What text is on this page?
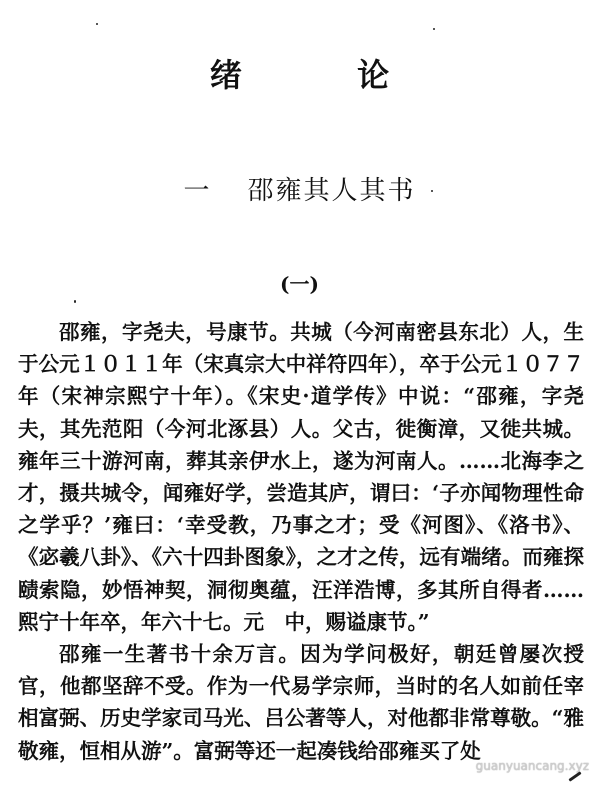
绪 论
一 邵雍其人其书
(一)

邵雍，字尧夫，号康节。共城（今河南密县东北）人，生于公元１０１１年（宋真宗大中祥符四年），卒于公元１０７７年（宋神宗熙宁十年）。《宋史·道学传》中说：“邵雍，字尧夫，其先范阳（今河北涿县）人。父古，徙衡漳，又徙共城。雍年三十游河南，葬其亲伊水上，遂为河南人。……北海李之才，摄共城令，闻雍好学，尝造其庐，谓曰：‘子亦闻物理性命之学乎？’雍曰：‘幸受教，乃事之才；受《河图》、《洛书》、《宓羲八卦》、《六十四卦图象》，之才之传，远有端绪。而雍探赜索隐，妙悟神契，洞彻奥蕴，汪洋浩博，多其所自得者……熙宁十年卒，年六十七。元　中，赐谥康节。”

邵雍一生著书十余万言。因为学问极好，朝廷曾屡次授官，他都坚辞不受。作为一代易学宗师，当时的名人如前任宰相富弼、历史学家司马光、吕公著等人，对他都非常尊敬。“雅敬雍，恒相从游”。富弼等还一起凑钱给邵雍买了处

guanyuancang.xyz
